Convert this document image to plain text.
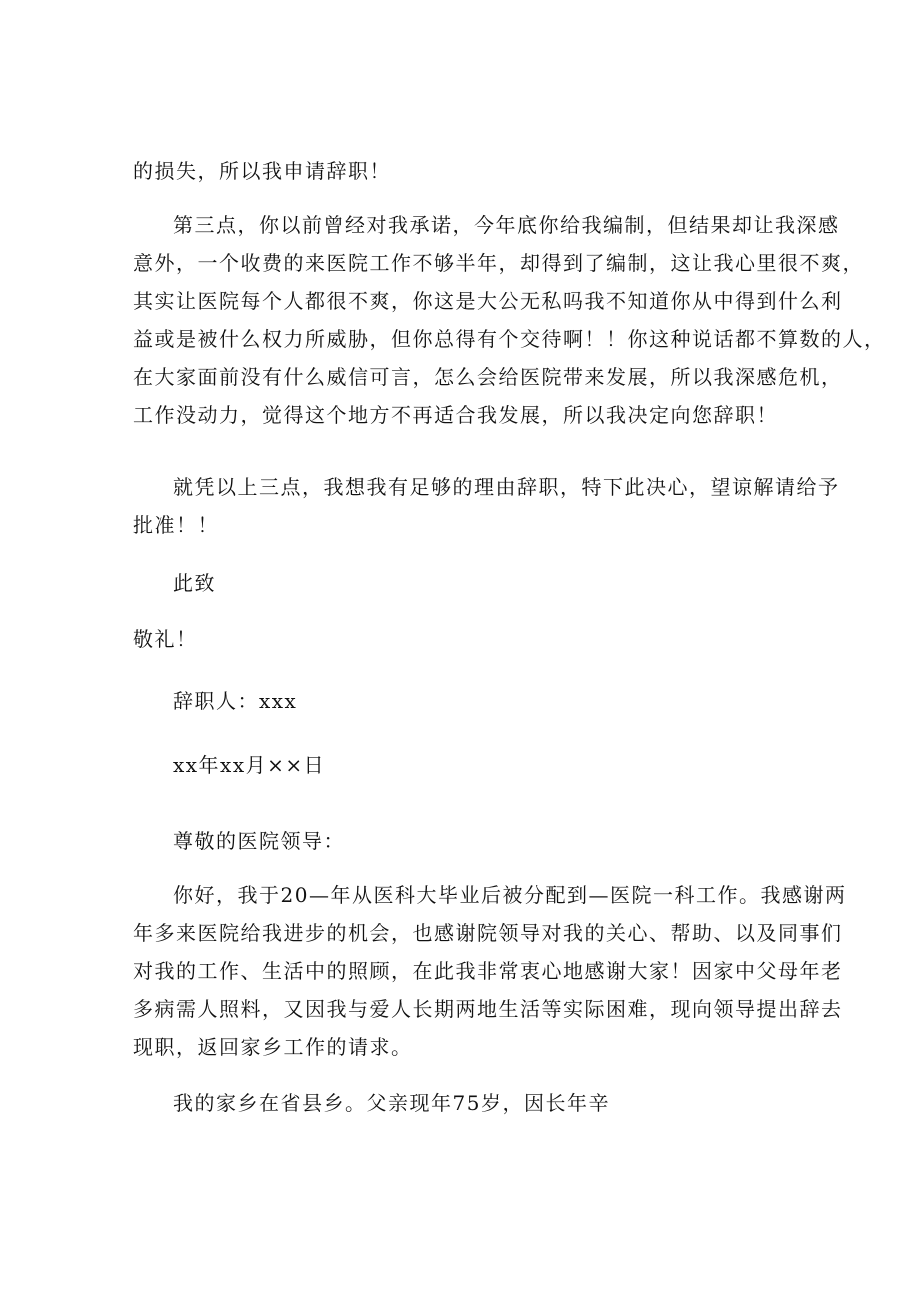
的损失，所以我申请辞职！

第三点，你以前曾经对我承诺，今年底你给我编制，但结果却让我深感
意外，一个收费的来医院工作不够半年，却得到了编制，这让我心里很不爽，
其实让医院每个人都很不爽，你这是大公无私吗我不知道你从中得到什么利
益或是被什么权力所威胁，但你总得有个交待啊！！你这种说话都不算数的人，
在大家面前没有什么威信可言，怎么会给医院带来发展，所以我深感危机，
工作没动力，觉得这个地方不再适合我发展，所以我决定向您辞职！

就凭以上三点，我想我有足够的理由辞职，特下此决心，望谅解请给予
批准！！

此致

敬礼！

辞职人：xxx

xx年xx月××日

尊敬的医院领导：

你好，我于20—年从医科大毕业后被分配到—医院一科工作。我感谢两
年多来医院给我进步的机会，也感谢院领导对我的关心、帮助、以及同事们
对我的工作、生活中的照顾，在此我非常衷心地感谢大家！因家中父母年老
多病需人照料，又因我与爱人长期两地生活等实际困难，现向领导提出辞去
现职，返回家乡工作的请求。

我的家乡在省县乡。父亲现年75岁，因长年辛
